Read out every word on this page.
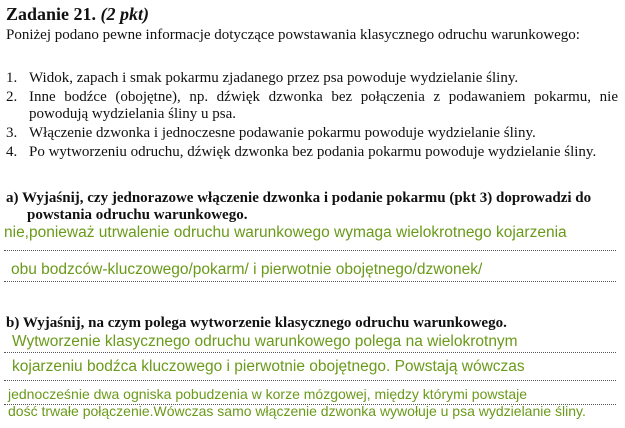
Zadanie 21. (2 pkt)
Poniżej podano pewne informacje dotyczące powstawania klasycznego odruchu warunkowego:
1. Widok, zapach i smak pokarmu zjadanego przez psa powoduje wydzielanie śliny.
2. Inne bodźce (obojętne), np. dźwięk dzwonka bez połączenia z podawaniem pokarmu, nie powodują wydzielania śliny u psa.
3. Włączenie dzwonka i jednoczesne podawanie pokarmu powoduje wydzielanie śliny.
4. Po wytworzeniu odruchu, dźwięk dzwonka bez podania pokarmu powoduje wydzielanie śliny.
a) Wyjaśnij, czy jednorazowe włączenie dzwonka i podanie pokarmu (pkt 3) doprowadzi do powstania odruchu warunkowego.
nie,ponieważ utrwalenie odruchu warunkowego wymaga wielokrotnego kojarzenia
obu bodzców-kluczowego/pokarm/ i pierwotnie obojętnego/dzwonek/
b) Wyjaśnij, na czym polega wytworzenie klasycznego odruchu warunkowego.
Wytworzenie klasycznego odruchu warunkowego polega na wielokrotnym
kojarzeniu bodźca kluczowego i pierwotnie obojętnego. Powstają wówczas
jednocześnie dwa ogniska pobudzenia w korze mózgowej, między którymi powstaje
dość trwałe połączenie.Wówczas samo włączenie dzwonka wywołuje u psa wydzielanie śliny.
